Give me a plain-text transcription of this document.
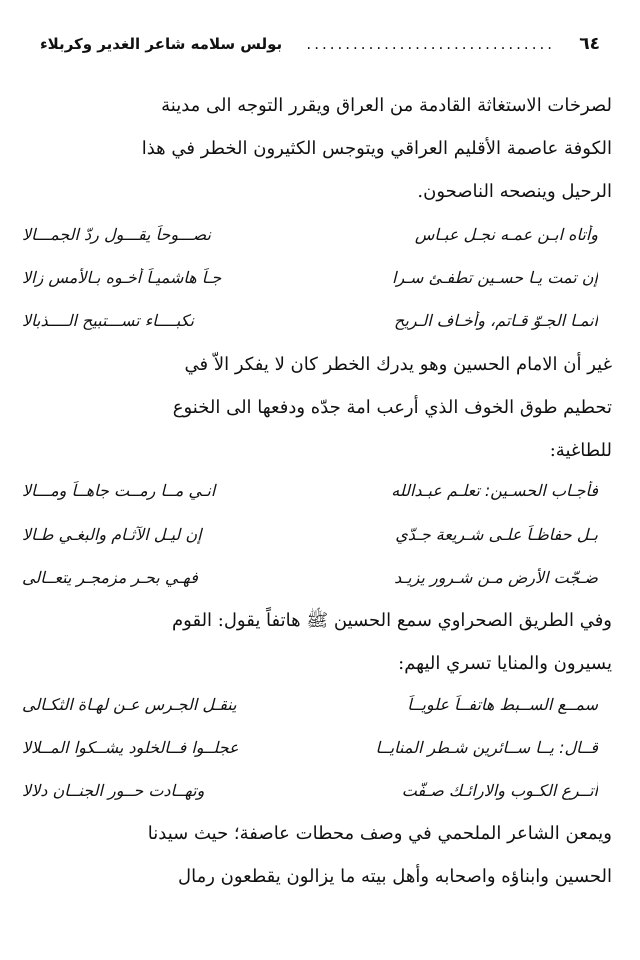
٦٤
................................
بولس سلامه شاعر الغدير وكربلاء
لصرخات الاستغاثة القادمة من العراق ويقرر التوجه الى مدينة
الكوفة عاصمة الأقليم العراقي ويتوجس الكثيرون الخطر في هذا
الرحيل وينصحه الناصحون.
وأتاه ابـن عمـه نجـل عبـاس
نصـــوحاً يقـــول ردّ الجمـــالا
إن تمت يـا حسـين تطفـئ سـرا
جـاً هاشميـاً أخـوه بـالأمس زالا
انمـا الجـوّ قـاتم، وأخـاف الـريح
نكبــــاء تســـتبيح الــــذبالا
غير أن الامام الحسين وهو يدرك الخطر كان لا يفكر الاّ في
تحطيم طوق الخوف الذي أرعب امة جدّه ودفعها الى الخنوع
للطاغية:
فأجـاب الحسـين: تعلـم عبـدالله
انـي مــا رمــت جاهــاً ومـــالا
بـل حفاظـاً علـى شـريعة جـدّي
إن ليـل الآثـام والبغـي طـالا
ضـجّت الأرض مـن شـرور يزيـد
فهـي بحـر مزمجـر يتعــالى
وفي الطريق الصحراوي سمع الحسين ﷺ هاتفاً يقول: القوم
يسيرون والمنايا تسري اليهم:
سمــع الســبط هاتفــاً علويــاً
ينقـل الجـرس عـن لهـاة الثكـالى
قــال: يــا ســائرين شـطر المنايــا
عجلــوا فــالخلود يشــكوا المــلالا
أتــرع الكـوب والارائـك صـفّت
وتهــادت حــور الجنــان دلالا
ويمعن الشاعر الملحمي في وصف محطات عاصفة؛ حيث سيدنا
الحسين وابناؤه واصحابه وأهل بيته ما يزالون يقطعون رمال
